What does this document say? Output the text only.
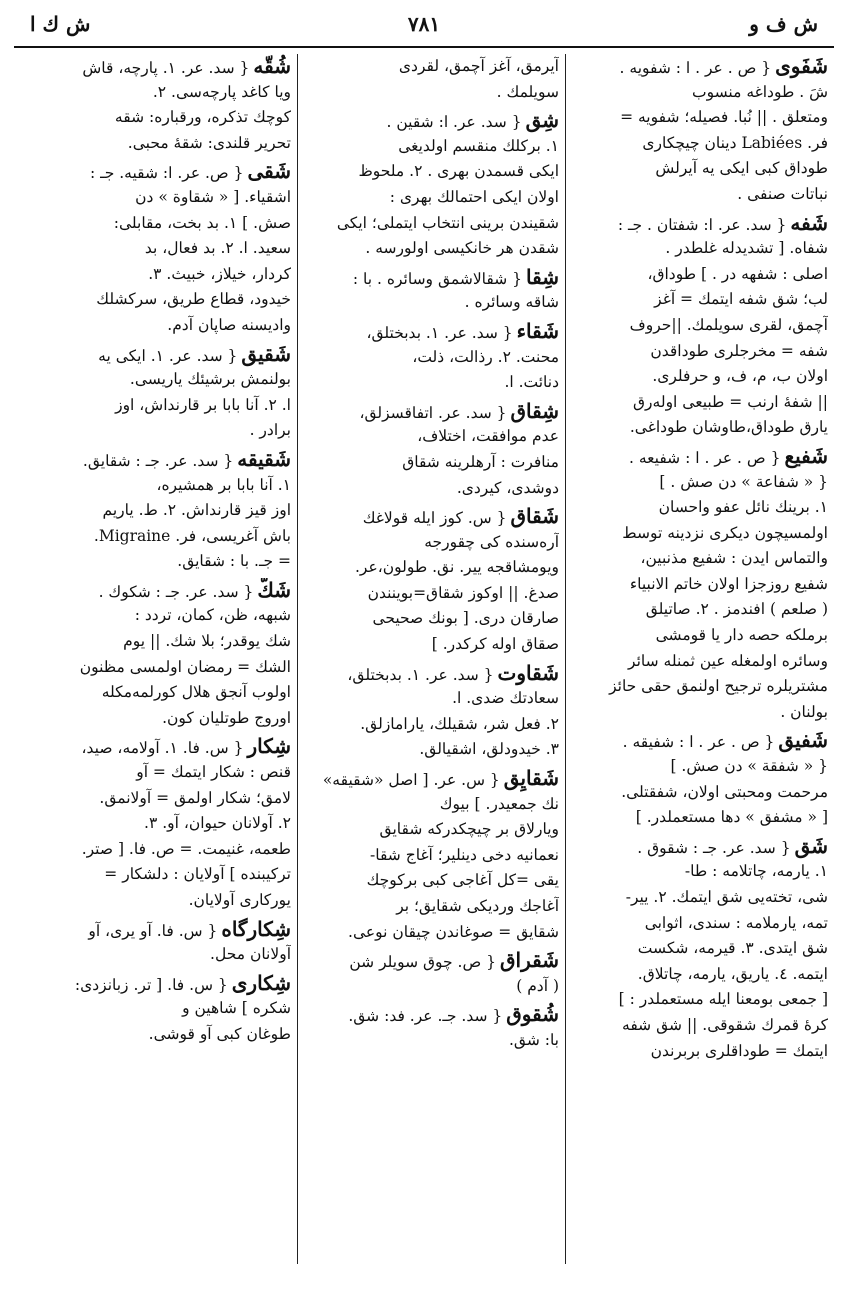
ش ف و
٧٨١
ش ك ا
شَفَوى{ ص . عر . ا : شفويه .
شَ . طوداغه منسوب
ومتعلق . || نُبا. فصيله؛ شفويه =
فر. Labiées دينان چيچكارى
طوداق كبى ايكى يه آيرلش
نباتات صنفى .
شَفه{ سد. عر. ا: شفتان . جـ :
شفاه. [ تشديدله غلطدر .
اصلى : شفهه در . ] طوداق،
لب؛ شق شفه ايتمك = آغز
آچمق، لقرى سويلمك. ||حروف
شفه = مخرجلرى طوداقدن
اولان ب، م، ف، و حرفلرى.
|| شفهٔ ارنب = طبيعى اوله‌رق
يارق طوداق،طاوشان طوداغى.
شَفيع{ ص . عر . ا : شفيعه .
{ « شفاعة » دن صش . ]
١. برينك نائل عفو واحسان
اولمسيچون ديكرى نزدينه توسط
والتماس ايدن : شفيع مذنبين،
شفيع روزجزا اولان خاتم الانبياء
( صلعم ) افندمز . ٢. صاتيلق
برملكه حصه دار يا قومشى
وسائره اولمغله عين ثمنله سائر
مشتريلره ترجيح اولنمق حقى حائز
بولنان .
شَفيق{ ص . عر . ا : شفيقه .
{ « شفقة » دن صش. ]
مرحمت ومحبتى اولان، شفقتلى.
[ « مشفق » دها مستعملدر. ]
شَق{ سد. عر. جـ : شقوق .
١. يارمه، چاتلامه : طا-
شى، تخته‌يى شق ايتمك. ٢. يير-
تمه، يارملامه : سندى، اثوابى
شق ايتدى. ٣. قيرمه، شكست
ايتمه. ٤. ياريق، يارمه، چاتلاق.
[ جمعى بومعنا ايله مستعملدر : ]
كرهٔ قمرك شقوقى. || شق شفه
ايتمك = طوداقلرى بربرندن
آيرمق، آغز آچمق، لقردى
سويلمك .
شِق{ سد. عر. ا: شقين .
١. بركلك منقسم اولديغى
ايكى قسمدن بهرى . ٢. ملحوظ
اولان ايكى احتمالك بهرى :
شقيندن برينى انتخاب ايتملى؛ ايكى
شقدن هر خانكيسى اولورسه .
شِقا{ شقالاشمق وسائره . با :
شاقه وسائره .
شَقاء{ سد. عر. ١. بدبختلق،
محنت. ٢. رذالت، ذلت،
دنائت. ا.
شِقاق{ سد. عر. اتفاقسزلق،
عدم موافقت، اختلاف،
منافرت : آرهلرينه شقاق
دوشدى، كيردى.
شَقاق{ س. كوز ايله قولاغك
آره‌سنده كى چقورجه
ويومشاقجه يير. نق. طولون،عر.
صدغ. || اوكوز شقاق=بوينندن
صارقان درى. [ بونك صحيحى
صقاق اوله كركدر. ]
شَقاوت{ سد. عر. ١. بدبختلق،
سعادتك ضدى. ا.
٢. فعل شر، شقيلك، يارامازلق.
٣. خيدودلق، اشقيالق.
شَقايِق{ س. عر. [ اصل «شقيقه»
نك جمعيدر. ] بيوك
ويارلاق بر چيچكدركه شقايق
نعمانيه دخى دينلير؛ آغاج شقا-
يقى =كل آغاجى كبى بركوچك
آغاجك ورديكى شقايق؛ بر
شقايق = صوغاندن چيقان نوعى.
شَقراق{ ص. چوق سويلر شن
( آدم )
شُقوق{ سد. جـ. عر. فد: شق.
با: شق.
شُقّه{ سد. عر. ١. پارچه، قاش
ويا كاغد پارچه‌سى. ٢.
كوچك تذكره، ورقباره: شقه
تحرير قلندى: شقهٔ محبى.
شَقى{ ص. عر. ا: شقيه. جـ :
اشقياء. [ « شقاوة » دن
صش. ] ١. بد بخت، مقابلى:
سعيد. ا. ٢. بد فعال، بد
كردار، خيلاز، خبيث. ٣.
خيدود، قطاع طريق، سركشلك
واديسنه صاپان آدم.
شَقيق{ سد. عر. ١. ايكى يه
بولنمش برشيئك ياريسى.
ا. ٢. آنا بابا بر قارنداش، اوز
برادر .
شَقيقه{ سد. عر. جـ : شقايق.
١. آنا بابا بر همشيره،
اوز قيز قارنداش. ٢. ط. ياريم
باش آغريسى، فر. Migraine.
= جـ. با : شقايق.
شَكّ{ سد. عر. جـ : شكوك .
شبهه، ظن، كمان، تردد :
شك يوقدر؛ بلا شك. || يوم
الشك = رمضان اولمسى مظنون
اولوب آنجق هلال كورلمه‌مكله
اوروج طوتليان كون.
شِكار{ س. فا. ١. آولامه، صيد،
قنص : شكار ايتمك = آو
لامق؛ شكار اولمق = آولانمق.
٢. آولانان حيوان، آو. ٣.
طعمه، غنيمت. = ص. فا. [ صتر.
تركيبنده ] آولايان : دلشكار =
يوركارى آولايان.
شِكارگاه{ س. فا. آو يرى، آو
آولانان محل.
شِكارى{ س. فا. [ تر. زبانزدى:
شكره ] شاهين و
طوغان كبى آو قوشى.
